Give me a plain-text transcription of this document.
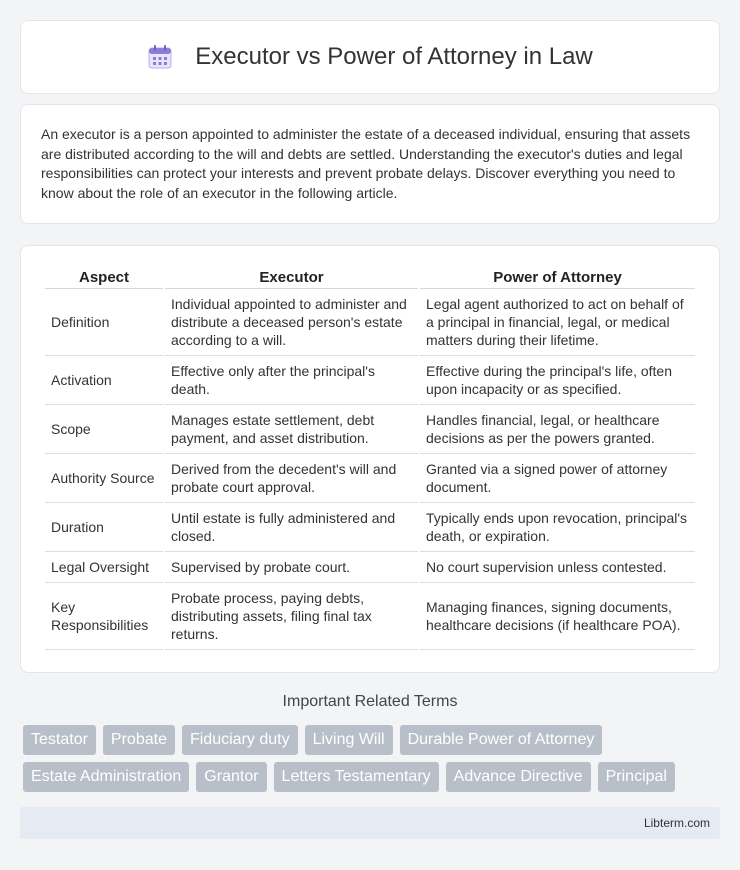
Executor vs Power of Attorney in Law

An executor is a person appointed to administer the estate of a deceased individual, ensuring that assets are distributed according to the will and debts are settled. Understanding the executor's duties and legal responsibilities can protect your interests and prevent probate delays. Discover everything you need to know about the role of an executor in the following article.

Aspect	Executor	Power of Attorney
Definition	Individual appointed to administer and distribute a deceased person's estate according to a will.	Legal agent authorized to act on behalf of a principal in financial, legal, or medical matters during their lifetime.
Activation	Effective only after the principal's death.	Effective during the principal's life, often upon incapacity or as specified.
Scope	Manages estate settlement, debt payment, and asset distribution.	Handles financial, legal, or healthcare decisions as per the powers granted.
Authority Source	Derived from the decedent's will and probate court approval.	Granted via a signed power of attorney document.
Duration	Until estate is fully administered and closed.	Typically ends upon revocation, principal's death, or expiration.
Legal Oversight	Supervised by probate court.	No court supervision unless contested.
Key Responsibilities	Probate process, paying debts, distributing assets, filing final tax returns.	Managing finances, signing documents, healthcare decisions (if healthcare POA).
Important Related Terms
Testator	Probate	Fiduciary duty	Living Will	Durable Power of Attorney
Estate Administration	Grantor	Letters Testamentary	Advance Directive	Principal
Libterm.com
